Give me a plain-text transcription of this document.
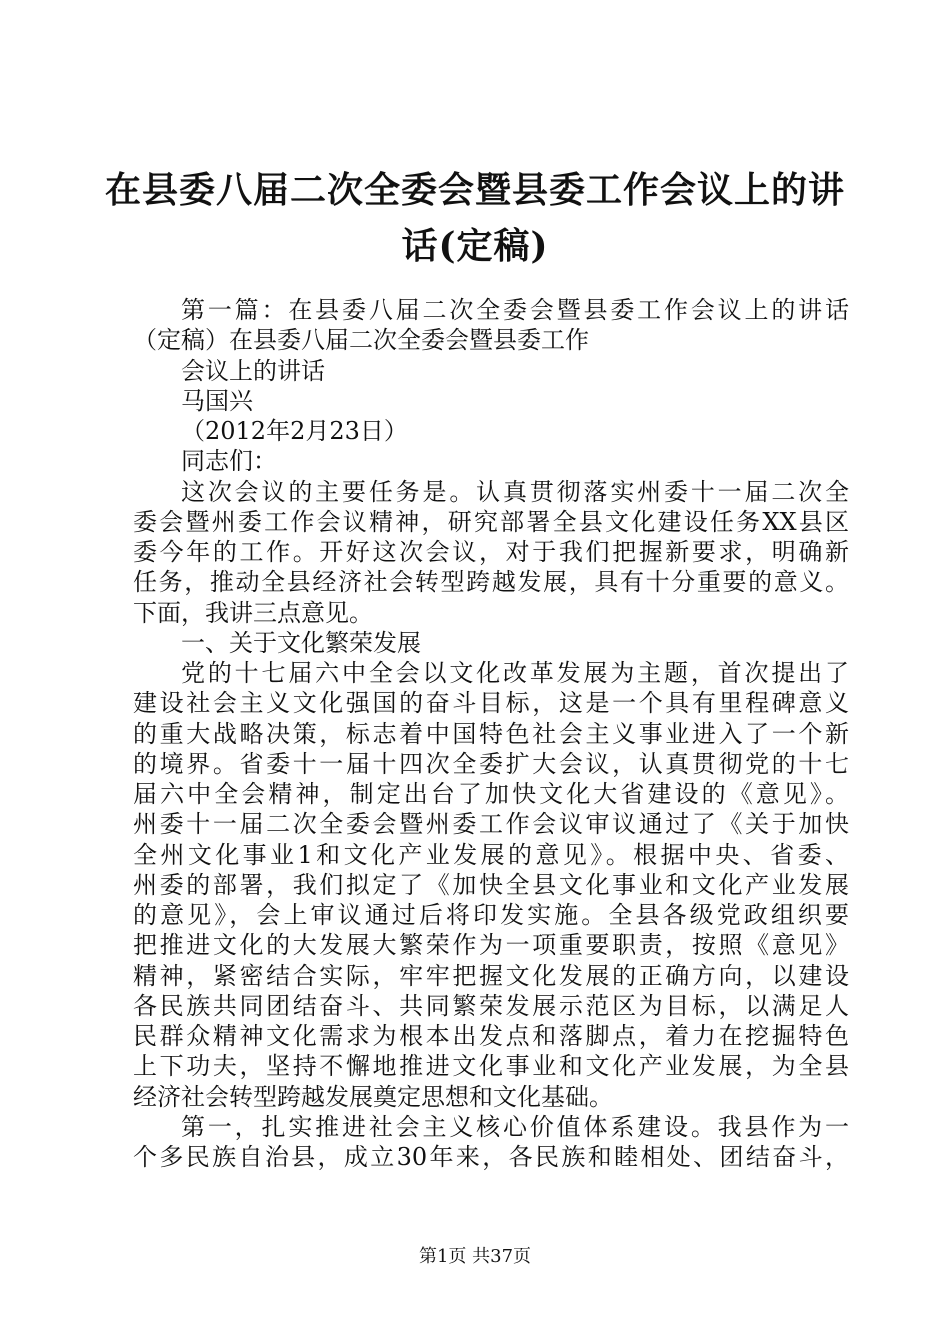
在县委八届二次全委会暨县委工作会议上的讲
话(定稿)
第一篇：在县委八届二次全委会暨县委工作会议上的讲话
（定稿）在县委八届二次全委会暨县委工作
会议上的讲话
马国兴
（2012年2月23日）
同志们：
这次会议的主要任务是。认真贯彻落实州委十一届二次全
委会暨州委工作会议精神，研究部署全县文化建设任务XX县区
委今年的工作。开好这次会议，对于我们把握新要求，明确新
任务，推动全县经济社会转型跨越发展，具有十分重要的意义。
下面，我讲三点意见。
一、关于文化繁荣发展
党的十七届六中全会以文化改革发展为主题，首次提出了
建设社会主义文化强国的奋斗目标，这是一个具有里程碑意义
的重大战略决策，标志着中国特色社会主义事业进入了一个新
的境界。省委十一届十四次全委扩大会议，认真贯彻党的十七
届六中全会精神，制定出台了加快文化大省建设的《意见》。
州委十一届二次全委会暨州委工作会议审议通过了《关于加快
全州文化事业1和文化产业发展的意见》。根据中央、省委、
州委的部署，我们拟定了《加快全县文化事业和文化产业发展
的意见》，会上审议通过后将印发实施。全县各级党政组织要
把推进文化的大发展大繁荣作为一项重要职责，按照《意见》
精神，紧密结合实际，牢牢把握文化发展的正确方向，以建设
各民族共同团结奋斗、共同繁荣发展示范区为目标，以满足人
民群众精神文化需求为根本出发点和落脚点，着力在挖掘特色
上下功夫，坚持不懈地推进文化事业和文化产业发展，为全县
经济社会转型跨越发展奠定思想和文化基础。
第一，扎实推进社会主义核心价值体系建设。我县作为一
个多民族自治县，成立30年来，各民族和睦相处、团结奋斗，
第1页 共37页
